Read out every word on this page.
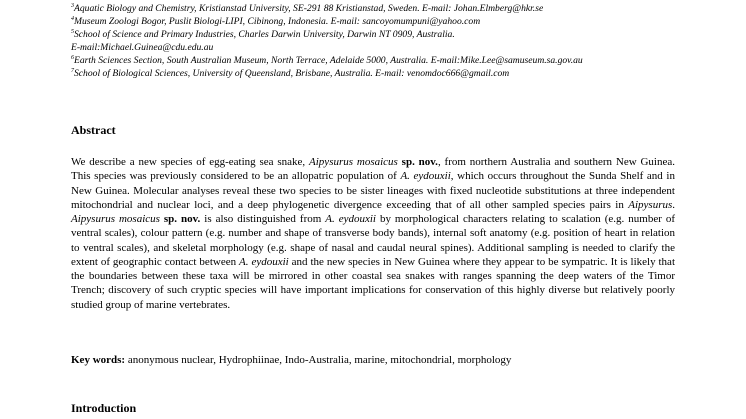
$^3$Aquatic Biology and Chemistry, Kristianstad University, SE-291 88 Kristianstad, Sweden. E-mail: Johan.Elmberg@hkr.se
$^4$Museum Zoologi Bogor, Puslit Biologi-LIPI, Cibinong, Indonesia. E-mail: sancoyomumpuni@yahoo.com
$^5$School of Science and Primary Industries, Charles Darwin University, Darwin NT 0909, Australia.
E-mail:Michael.Guinea@cdu.edu.au
$^6$Earth Sciences Section, South Australian Museum, North Terrace, Adelaide 5000, Australia. E-mail:Mike.Lee@samuseum.sa.gov.au
$^7$School of Biological Sciences, University of Queensland, Brisbane, Australia. E-mail: venomdoc666@gmail.com
Abstract
We describe a new species of egg-eating sea snake, Aipysurus mosaicus sp. nov., from northern Australia and southern New Guinea. This species was previously considered to be an allopatric population of A. eydouxii, which occurs throughout the Sunda Shelf and in New Guinea. Molecular analyses reveal these two species to be sister lineages with fixed nucleotide substitutions at three independent mitochondrial and nuclear loci, and a deep phylogenetic divergence exceeding that of all other sampled species pairs in Aipysurus. Aipysurus mosaicus sp. nov. is also distinguished from A. eydouxii by morphological characters relating to scalation (e.g. number of ventral scales), colour pattern (e.g. number and shape of transverse body bands), internal soft anatomy (e.g. position of heart in relation to ventral scales), and skeletal morphology (e.g. shape of nasal and caudal neural spines). Additional sampling is needed to clarify the extent of geographic contact between A. eydouxii and the new species in New Guinea where they appear to be sympatric. It is likely that the boundaries between these taxa will be mirrored in other coastal sea snakes with ranges spanning the deep waters of the Timor Trench; discovery of such cryptic species will have important implications for conservation of this highly diverse but relatively poorly studied group of marine vertebrates.
Key words: anonymous nuclear, Hydrophiinae, Indo-Australia, marine, mitochondrial, morphology
Introduction
